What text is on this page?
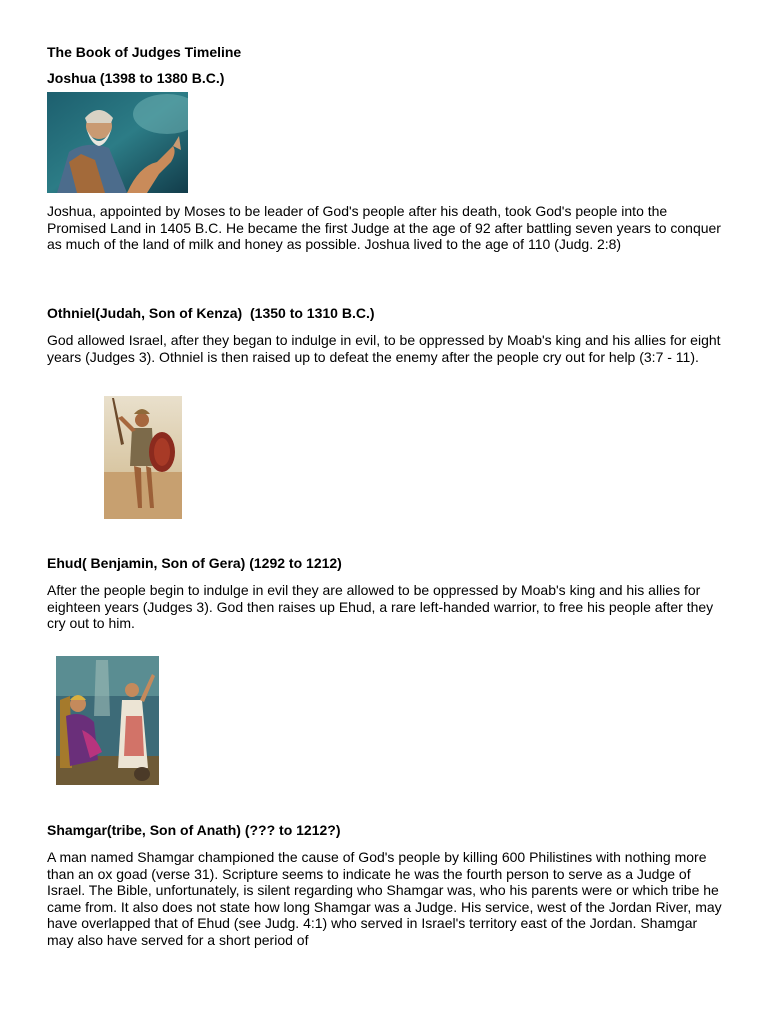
The Book of Judges Timeline
Joshua (1398 to 1380 B.C.)
Joshua, appointed by Moses to be leader of God's people after his death, took God's people into the Promised Land in 1405 B.C. He became the first Judge at the age of 92 after battling seven years to conquer as much of the land of milk and honey as possible. Joshua lived to the age of 110 (Judg. 2:8)
Othniel(Judah, Son of Kenza)  (1350 to 1310 B.C.)
God allowed Israel, after they began to indulge in evil, to be oppressed by Moab's king and his allies for eight years (Judges 3). Othniel is then raised up to defeat the enemy after the people cry out for help (3:7 - 11).
Ehud( Benjamin, Son of Gera) (1292 to 1212)
After the people begin to indulge in evil they are allowed to be oppressed by Moab's king and his allies for eighteen years (Judges 3). God then raises up Ehud, a rare left-handed warrior, to free his people after they cry out to him.
Shamgar(tribe, Son of Anath) (??? to 1212?)
A man named Shamgar championed the cause of God's people by killing 600 Philistines with nothing more than an ox goad (verse 31). Scripture seems to indicate he was the fourth person to serve as a Judge of Israel. The Bible, unfortunately, is silent regarding who Shamgar was, who his parents were or which tribe he came from. It also does not state how long Shamgar was a Judge. His service, west of the Jordan River, may have overlapped that of Ehud (see Judg. 4:1) who served in Israel's territory east of the Jordan. Shamgar may also have served for a short period of
